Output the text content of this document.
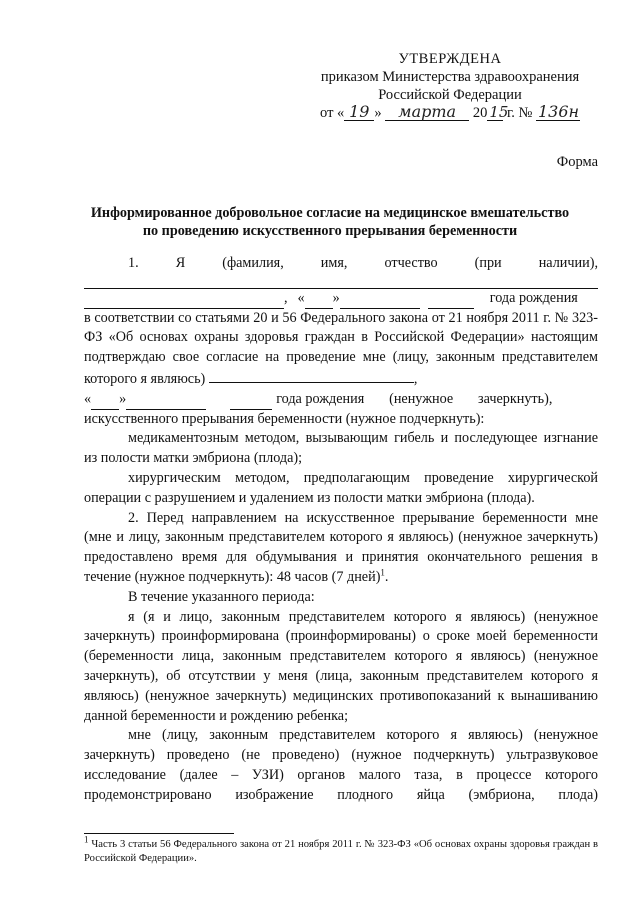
УТВЕРЖДЕНА
приказом Министерства здравоохранения
Российской Федерации
от « 19 » марта 20 15 г. № 136н
Форма
Информированное добровольное согласие на медицинское вмешательство
по проведению искусственного прерывания беременности

1.      Я      (фамилия,      имя,      отчество      (при      наличии),

, « »	года рождения

в соответствии со статьями 20 и 56 Федерального закона от 21 ноября 2011 г. № 323-ФЗ «Об основах охраны здоровья граждан в Российской Федерации» настоящим подтверждаю свое согласие на проведение мне (лицу, законным представителем которого я являюсь)	,

« »	года рождения       (ненужное       зачеркнуть),

искусственного прерывания беременности (нужное подчеркнуть):

медикаментозным методом, вызывающим гибель и последующее изгнание из полости матки эмбриона (плода);

хирургическим методом, предполагающим проведение хирургической операции с разрушением и удалением из полости матки эмбриона (плода).

2. Перед направлением на искусственное прерывание беременности мне (мне и лицу, законным представителем которого я являюсь) (ненужное зачеркнуть) предоставлено время для обдумывания и принятия окончательного решения в течение (нужное подчеркнуть): 48 часов (7 дней)$^1$.

В течение указанного периода:

я (я и лицо, законным представителем которого я являюсь) (ненужное зачеркнуть) проинформирована (проинформированы) о сроке моей беременности (беременности лица, законным представителем которого я являюсь) (ненужное зачеркнуть), об отсутствии у меня (лица, законным представителем которого я являюсь) (ненужное зачеркнуть) медицинских противопоказаний к вынашиванию данной беременности и рождению ребенка;

мне (лицу, законным представителем которого я являюсь) (ненужное зачеркнуть) проведено (не проведено) (нужное подчеркнуть) ультразвуковое исследование (далее – УЗИ) органов малого таза, в процессе которого продемонстрировано изображение плодного яйца (эмбриона, плода)

$^1$ Часть 3 статьи 56 Федерального закона от 21 ноября 2011 г. № 323-ФЗ «Об основах охраны здоровья граждан в Российской Федерации».
